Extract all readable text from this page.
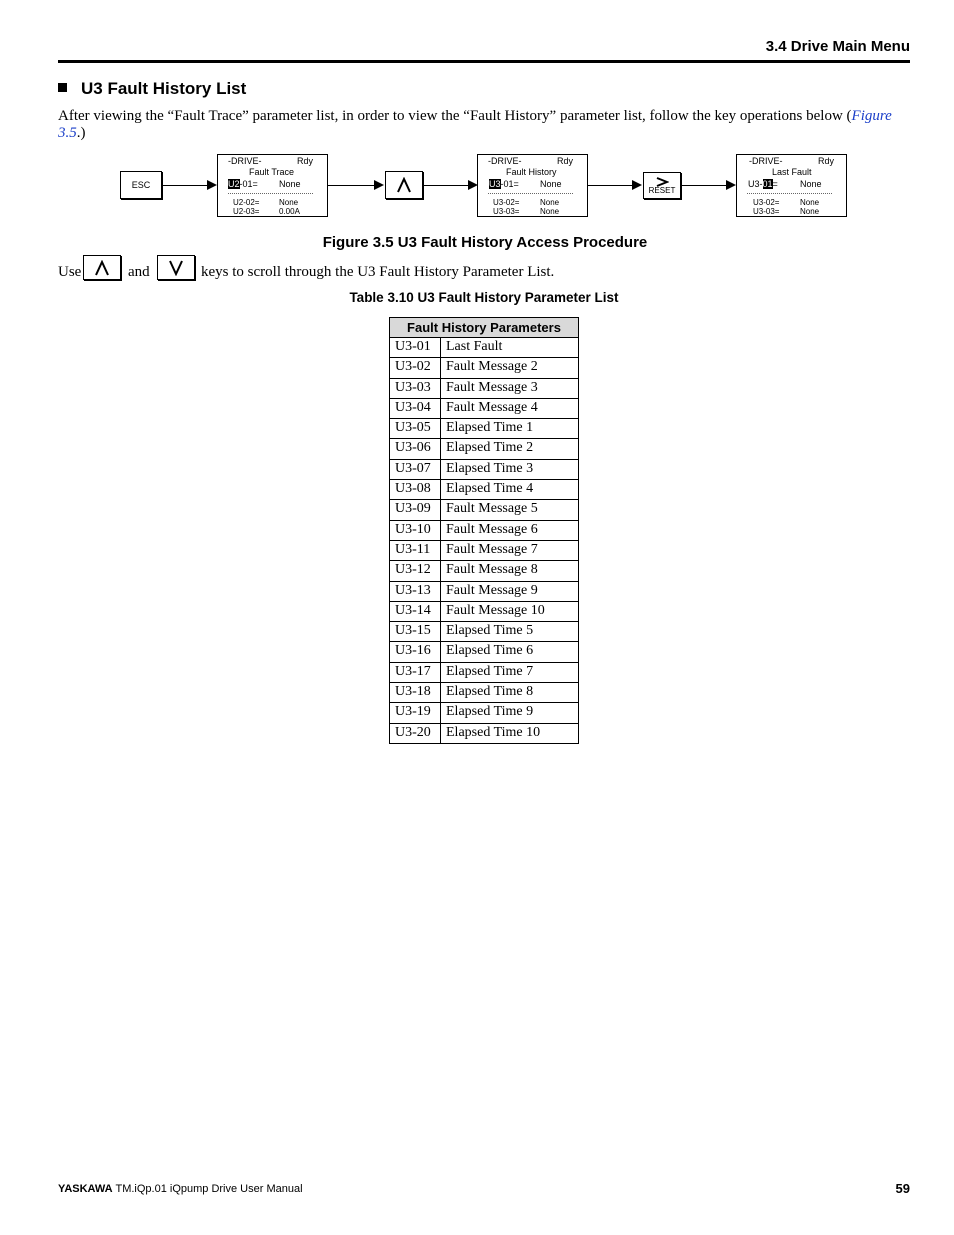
3.4 Drive Main Menu
U3 Fault History List
After viewing the “Fault Trace” parameter list, in order to view the “Fault History” parameter list, follow the key operations below (Figure 3.5.)
ESC
-DRIVE-	Rdy
Fault Trace
U2-01= None
U2-02= None
U2-03= 0.00A
-DRIVE-	Rdy
Fault History
U3-01= None
U3-02=	None
U3-03=	None
RESET
-DRIVE-	Rdy
Last Fault
U3-01= None
U3-02=	None
U3-03=	None
Figure 3.5 U3 Fault History Access Procedure
Use	and	keys to scroll through the U3 Fault History Parameter List.
Table 3.10 U3 Fault History Parameter List
Fault History Parameters	
U3-01	Last Fault
U3-02	Fault Message 2
U3-03	Fault Message 3
U3-04	Fault Message 4
U3-05	Elapsed Time 1
U3-06	Elapsed Time 2
U3-07	Elapsed Time 3
U3-08	Elapsed Time 4
U3-09	Fault Message 5
U3-10	Fault Message 6
U3-11	Fault Message 7
U3-12	Fault Message 8
U3-13	Fault Message 9
U3-14	Fault Message 10
U3-15	Elapsed Time 5
U3-16	Elapsed Time 6
U3-17	Elapsed Time 7
U3-18	Elapsed Time 8
U3-19	Elapsed Time 9
U3-20	Elapsed Time 10
YASKAWA TM.iQp.01 iQpump Drive User Manual	59
